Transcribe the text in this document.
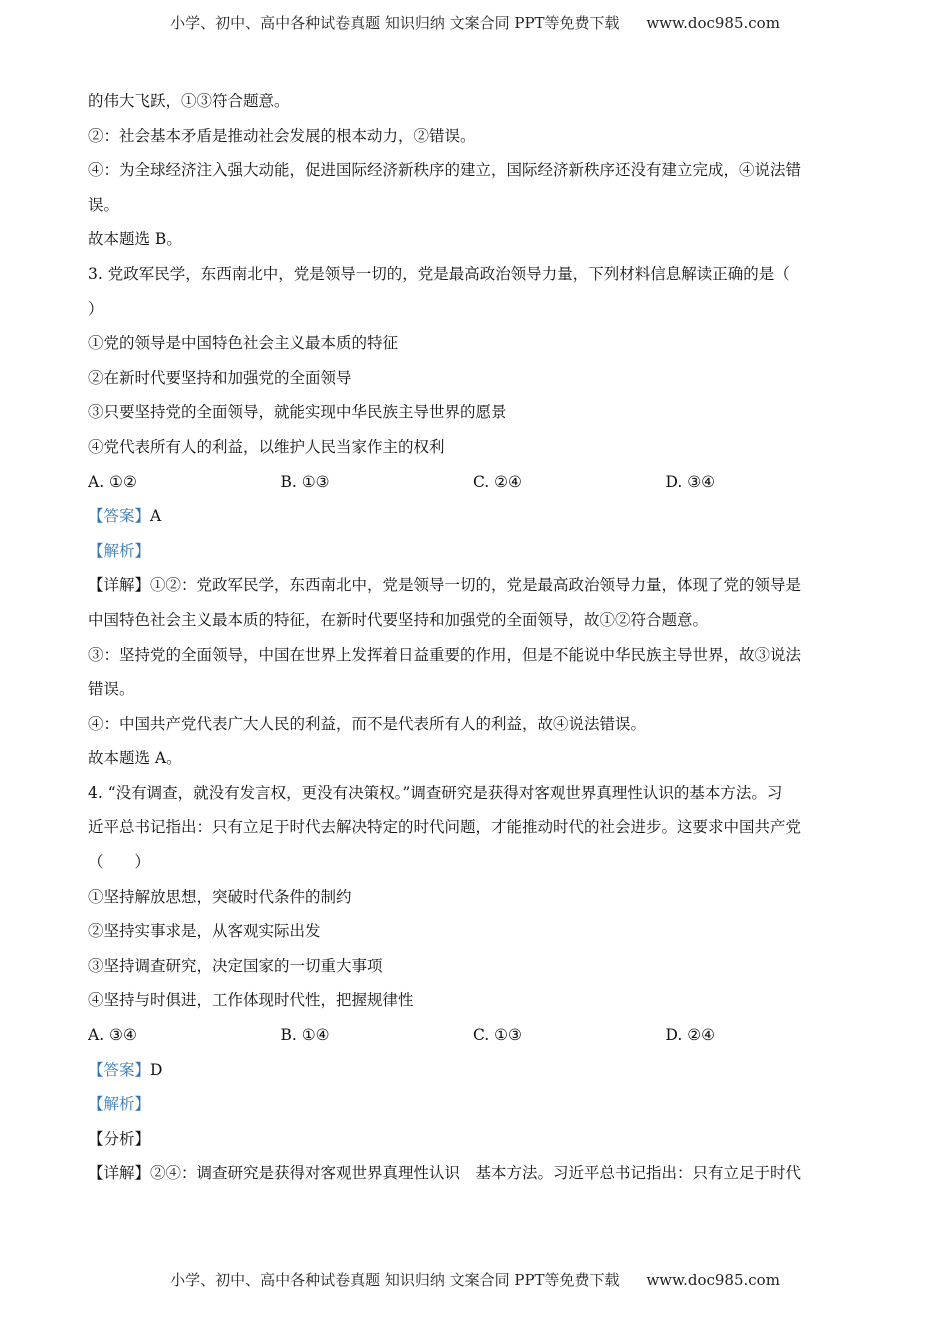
小学、初中、高中各种试卷真题 知识归纳 文案合同 PPT等免费下载 www.doc985.com
的伟大飞跃，①③符合题意。
②：社会基本矛盾是推动社会发展的根本动力，②错误。
④：为全球经济注入强大动能，促进国际经济新秩序的建立，国际经济新秩序还没有建立完成，④说法错
误。
故本题选 B。
3. 党政军民学，东西南北中，党是领导一切的，党是最高政治领导力量，下列材料信息解读正确的是（
）
①党的领导是中国特色社会主义最本质的特征
②在新时代要坚持和加强党的全面领导
③只要坚持党的全面领导，就能实现中华民族主导世界的愿景
④党代表所有人的利益，以维护人民当家作主的权利
A. ①②	B. ①③	C. ②④	D. ③④
【答案】A
【解析】
【详解】①②：党政军民学，东西南北中，党是领导一切的，党是最高政治领导力量，体现了党的领导是
中国特色社会主义最本质的特征，在新时代要坚持和加强党的全面领导，故①②符合题意。
③：坚持党的全面领导，中国在世界上发挥着日益重要的作用，但是不能说中华民族主导世界，故③说法
错误。
④：中国共产党代表广大人民的利益，而不是代表所有人的利益，故④说法错误。
故本题选 A。
4. “没有调查，就没有发言权，更没有决策权。”调查研究是获得对客观世界真理性认识的基本方法。习
近平总书记指出：只有立足于时代去解决特定的时代问题，才能推动时代的社会进步。这要求中国共产党
（　　）
①坚持解放思想，突破时代条件的制约
②坚持实事求是，从客观实际出发
③坚持调查研究，决定国家的一切重大事项
④坚持与时俱进，工作体现时代性，把握规律性
A. ③④	B. ①④	C. ①③	D. ②④
【答案】D
【解析】
【分析】
【详解】②④：调查研究是获得对客观世界真理性认识　基本方法。习近平总书记指出：只有立足于时代
小学、初中、高中各种试卷真题 知识归纳 文案合同 PPT等免费下载 www.doc985.com
